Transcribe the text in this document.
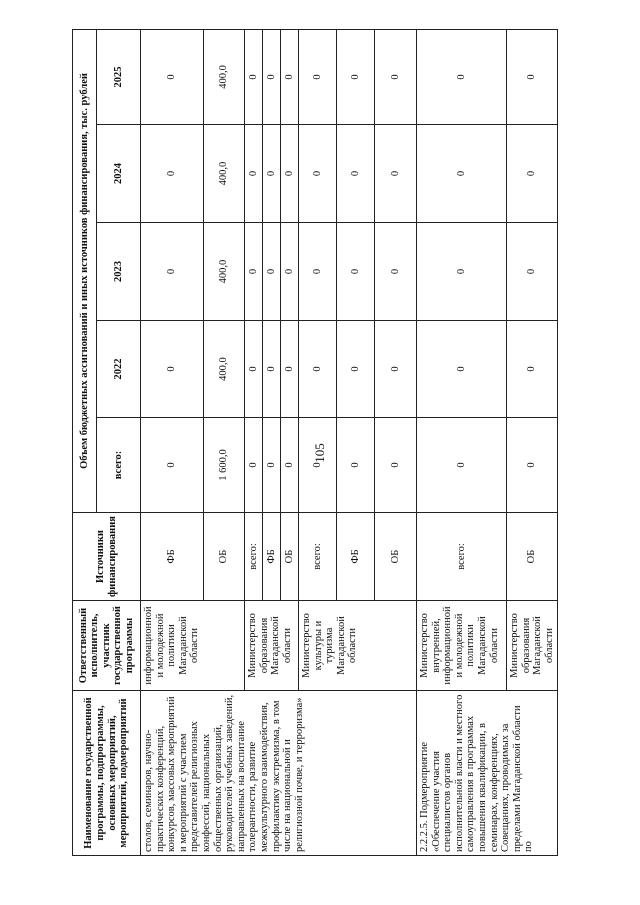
105
Наименование государственной программы, подпрограммы, основных мероприятий, мероприятий, подмероприятий	Ответственный исполнитель, участник государственной программы	Источники финансирования	Объем бюджетных ассигнований и иных источников финансирования, тыс. рублей				
			всего:	2022	2023	2024	2025
столов, семинаров, научно-практических конференций, конкурсов, массовых мероприятий и мероприятий с участием представителей религиозных конфессий, национальных общественных организаций, руководителей учебных заведений, направленных на воспитание толерантности, развитие межкультурного взаимодействия, профилактику экстремизма, в том числе на национальной и религиозной почве, и терроризма»	информационной и молодежной политики Магаданской области	ФБ	0	0	0	0	0
		ОБ	1 600,0	400,0	400,0	400,0	400,0
	Министерство образования Магаданской области	всего:	0	0	0	0	0
		ФБ	0	0	0	0	0
		ОБ	0	0	0	0	0
	Министерство культуры и туризма Магаданской области	всего:	0	0	0	0	0
		ФБ	0	0	0	0	0
		ОБ	0	0	0	0	0
2.2.2.5. Подмероприятие «Обеспечение участия специалистов органов исполнительной власти и местного самоуправления в программах повышения квалификации, в семинарах, конференциях, Совещаниях, проводимых за пределами Магаданской области по	Министерство внутренней, информационной и молодежной политики Магаданской области	всего:	0	0	0	0	0
	Министерство образования Магаданской области	ОБ	0	0	0	0	0
